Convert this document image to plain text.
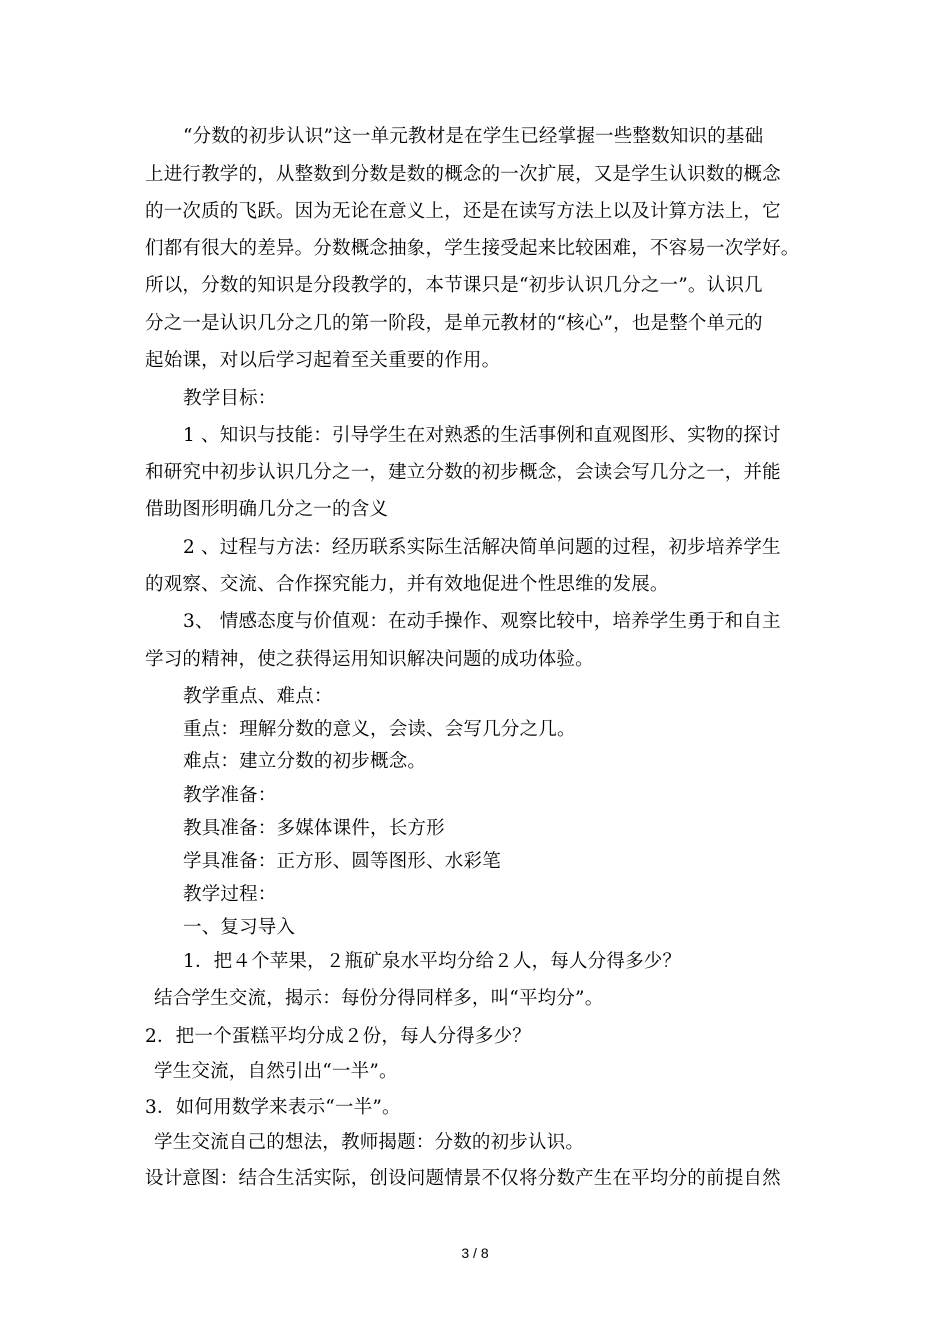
“分数的初步认识”这一单元教材是在学生已经掌握一些整数知识的基础
上进行教学的，从整数到分数是数的概念的一次扩展，又是学生认识数的概念
的一次质的飞跃。因为无论在意义上，还是在读写方法上以及计算方法上，它
们都有很大的差异。分数概念抽象，学生接受起来比较困难，不容易一次学好。
所以，分数的知识是分段教学的，本节课只是“初步认识几分之一”。认识几
分之一是认识几分之几的第一阶段，是单元教材的“核心”，也是整个单元的
起始课，对以后学习起着至关重要的作用。
教学目标：
1 、知识与技能：引导学生在对熟悉的生活事例和直观图形、实物的探讨
和研究中初步认识几分之一，建立分数的初步概念，会读会写几分之一，并能
借助图形明确几分之一的含义
2 、过程与方法：经历联系实际生活解决简单问题的过程，初步培养学生
的观察、交流、合作探究能力，并有效地促进个性思维的发展。
3、 情感态度与价值观：在动手操作、观察比较中，培养学生勇于和自主
学习的精神，使之获得运用知识解决问题的成功体验。
教学重点、难点：
重点：理解分数的意义，会读、会写几分之几。
难点：建立分数的初步概念。
教学准备：
教具准备：多媒体课件，长方形
学具准备：正方形、圆等图形、水彩笔
教学过程：
一、复习导入
1．把４个苹果，２瓶矿泉水平均分给２人，每人分得多少？
结合学生交流，揭示：每份分得同样多，叫“平均分”。
2．把一个蛋糕平均分成２份，每人分得多少？
学生交流，自然引出“一半”。
3．如何用数学来表示“一半”。
学生交流自己的想法，教师揭题：分数的初步认识。
设计意图：结合生活实际，创设问题情景不仅将分数产生在平均分的前提自然
3 / 8
